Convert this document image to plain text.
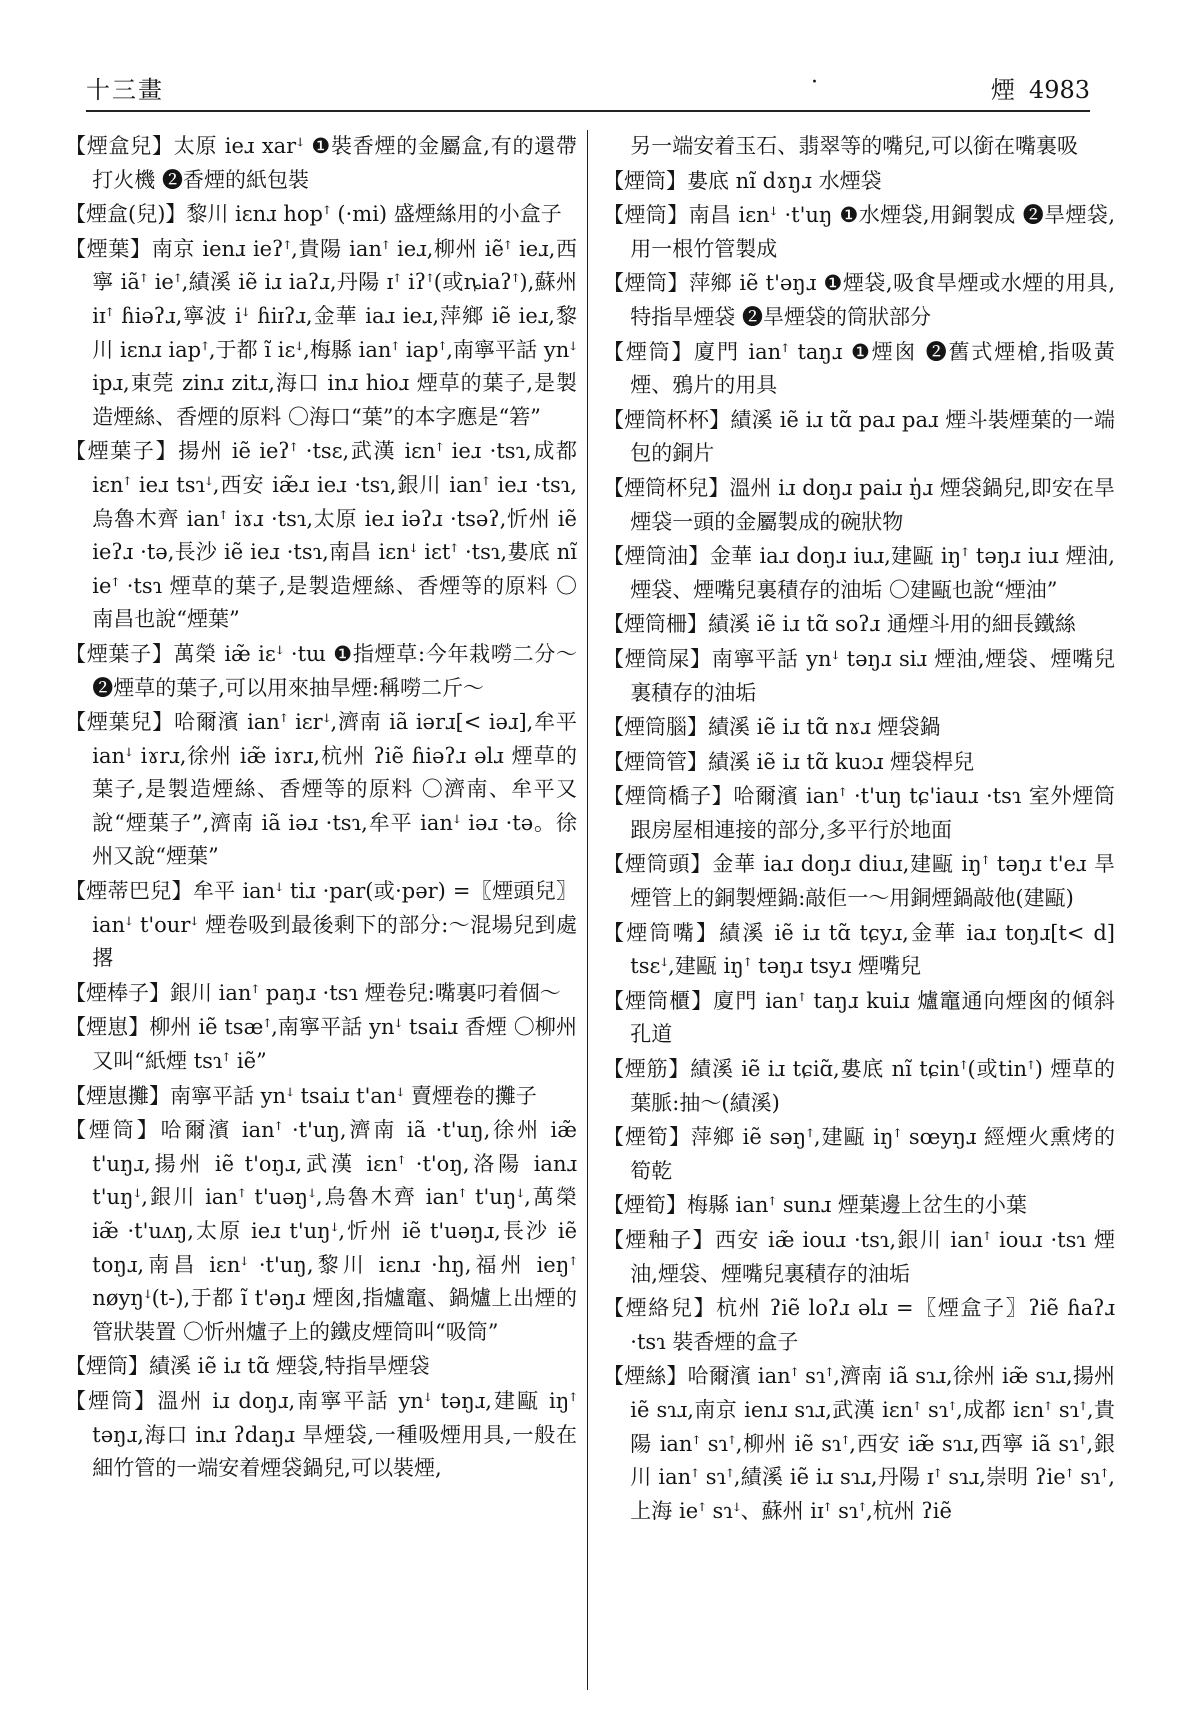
十三畫	·	煙 4983

【煙盒兒】太原 ieɹ xarꜜ ❶裝香煙的金屬盒,有的還帶打火機 ❷香煙的紙包裝

【煙盒(兒)】黎川 iɛnɹ hopꜛ (·mi) 盛煙絲用的小盒子

【煙葉】南京 ienɹ ieʔꜛ,貴陽 ianꜛ ieɹ,柳州 iẽꜛ ieɹ,西寧 iãꜛ ieꜛ,績溪 iẽ iɹ iaʔɹ,丹陽 ɪꜛ iʔꜛ(或ȵiaʔꜛ),蘇州 iɪꜛ ɦiəʔɹ,寧波 iꜜ ɦiɪʔɹ,金華 iaɹ ieɹ,萍鄉 iẽ ieɹ,黎川 iɛnɹ iapꜛ,于都 ĩ iɛꜜ,梅縣 ianꜛ iapꜛ,南寧平話 ynꜜ ipɹ,東莞 zinɹ zitɹ,海口 inɹ hioɹ 煙草的葉子,是製造煙絲、香煙的原料 〇海口“葉”的本字應是“箬”

【煙葉子】揚州 iẽ ieʔꜛ ·tsɛ,武漢 iɛnꜛ ieɹ ·tsɿ,成都 iɛnꜛ ieɹ tsɿꜜ,西安 iæ̃ɹ ieɹ ·tsɿ,銀川 ianꜛ ieɹ ·tsɿ,烏魯木齊 ianꜛ iɤɹ ·tsɿ,太原 ieɹ iəʔɹ ·tsəʔ,忻州 iẽ ieʔɹ ·tə,長沙 iẽ ieɹ ·tsɿ,南昌 iɛnꜜ iɛtꜛ ·tsɿ,婁底 nĩ ieꜛ ·tsɿ 煙草的葉子,是製造煙絲、香煙等的原料 〇南昌也說“煙葉”

【煙葉子】萬榮 iæ̃ iɛꜜ ·tɯ ❶指煙草:今年栽嘮二分～ ❷煙草的葉子,可以用來抽旱煙:稱嘮二斤～

【煙葉兒】哈爾濱 ianꜛ iɛrꜜ,濟南 iã iərɹ[< iəɹ],牟平 ianꜜ iɤrɹ,徐州 iæ̃ iɤrɹ,杭州 ʔiẽ ɦiəʔɹ əlɹ 煙草的葉子,是製造煙絲、香煙等的原料 〇濟南、牟平又說“煙葉子”,濟南 iã iəɹ ·tsɿ,牟平 ianꜜ iəɹ ·tə。徐州又說“煙葉”

【煙蒂巴兒】牟平 ianꜜ tiɹ ·par(或·pər) =〖煙頭兒〗ianꜜ t'ourꜜ 煙卷吸到最後剩下的部分:～混場兒到處撂

【煙棒子】銀川 ianꜛ paŋɹ ·tsɿ 煙卷兒:嘴裏叼着個～

【煙崽】柳州 iẽ tsæꜛ,南寧平話 ynꜜ tsaiɹ 香煙 〇柳州又叫“紙煙 tsɿꜛ iẽ”

【煙崽攤】南寧平話 ynꜜ tsaiɹ t'anꜜ 賣煙卷的攤子

【煙筒】哈爾濱 ianꜛ ·t'uŋ,濟南 iã ·t'uŋ,徐州 iæ̃ t'uŋɹ,揚州 iẽ t'oŋɹ,武漢 iɛnꜛ ·t'oŋ,洛陽 ianɹ t'uŋꜜ,銀川 ianꜛ t'uəŋꜜ,烏魯木齊 ianꜛ t'uŋꜜ,萬榮 iæ̃ ·t'uʌŋ,太原 ieɹ t'uŋꜜ,忻州 iẽ t'uəŋɹ,長沙 iẽ toŋɹ,南昌 iɛnꜜ ·t'uŋ,黎川 iɛnɹ ·hŋ,福州 ieŋꜛ nøyŋꜜ(t-),于都 ĩ t'əŋɹ 煙囪,指爐竈、鍋爐上出煙的管狀裝置 〇忻州爐子上的鐵皮煙筒叫“吸筒”

【煙筒】績溪 iẽ iɹ tɑ̃ 煙袋,特指旱煙袋

【煙筒】溫州 iɹ doŋɹ,南寧平話 ynꜜ təŋɹ,建甌 iŋꜛ təŋɹ,海口 inɹ ʔdaŋɹ 旱煙袋,一種吸煙用具,一般在細竹管的一端安着煙袋鍋兒,可以裝煙,

另一端安着玉石、翡翠等的嘴兒,可以銜在嘴裏吸

【煙筒】婁底 nĩ dɤŋɹ 水煙袋

【煙筒】南昌 iɛnꜜ ·t'uŋ ❶水煙袋,用銅製成 ❷旱煙袋,用一根竹管製成

【煙筒】萍鄉 iẽ t'əŋɹ ❶煙袋,吸食旱煙或水煙的用具,特指旱煙袋 ❷旱煙袋的筒狀部分

【煙筒】廈門 ianꜛ taŋɹ ❶煙囪 ❷舊式煙槍,指吸黃煙、鴉片的用具

【煙筒杯杯】績溪 iẽ iɹ tɑ̃ paɹ paɹ 煙斗裝煙葉的一端包的銅片

【煙筒杯兒】溫州 iɹ doŋɹ paiɹ ŋ̍ɹ 煙袋鍋兒,即安在旱煙袋一頭的金屬製成的碗狀物

【煙筒油】金華 iaɹ doŋɹ iuɹ,建甌 iŋꜛ təŋɹ iuɹ 煙油,煙袋、煙嘴兒裏積存的油垢 〇建甌也說“煙油”

【煙筒柵】績溪 iẽ iɹ tɑ̃ soʔɹ 通煙斗用的細長鐵絲

【煙筒屎】南寧平話 ynꜜ təŋɹ siɹ 煙油,煙袋、煙嘴兒裏積存的油垢

【煙筒腦】績溪 iẽ iɹ tɑ̃ nɤɹ 煙袋鍋

【煙筒管】績溪 iẽ iɹ tɑ̃ kuɔɹ 煙袋桿兒

【煙筒橋子】哈爾濱 ianꜛ ·t'uŋ tɕ'iauɹ ·tsɿ 室外煙筒跟房屋相連接的部分,多平行於地面

【煙筒頭】金華 iaɹ doŋɹ diuɹ,建甌 iŋꜛ təŋɹ t'eɹ 旱煙管上的銅製煙鍋:敲佢一～用銅煙鍋敲他(建甌)

【煙筒嘴】績溪 iẽ iɹ tɑ̃ tɕyɹ,金華 iaɹ toŋɹ[t< d] tsɛꜜ,建甌 iŋꜛ təŋɹ tsyɹ 煙嘴兒

【煙筒櫃】廈門 ianꜛ taŋɹ kuiɹ 爐竈通向煙囪的傾斜孔道

【煙筋】績溪 iẽ iɹ tɕiɑ̃,婁底 nĩ tɕinꜛ(或tinꜛ) 煙草的葉脈:抽～(績溪)

【煙筍】萍鄉 iẽ səŋꜛ,建甌 iŋꜛ sœyŋɹ 經煙火熏烤的筍乾

【煙筍】梅縣 ianꜛ sunɹ 煙葉邊上岔生的小葉

【煙釉子】西安 iæ̃ iouɹ ·tsɿ,銀川 ianꜛ iouɹ ·tsɿ 煙油,煙袋、煙嘴兒裏積存的油垢

【煙絡兒】杭州 ʔiẽ loʔɹ əlɹ =〖煙盒子〗ʔiẽ ɦaʔɹ ·tsɿ 裝香煙的盒子

【煙絲】哈爾濱 ianꜛ sɿꜛ,濟南 iã sɿɹ,徐州 iæ̃ sɿɹ,揚州 iẽ sɿɹ,南京 ienɹ sɿɹ,武漢 iɛnꜛ sɿꜛ,成都 iɛnꜛ sɿꜛ,貴陽 ianꜛ sɿꜛ,柳州 iẽ sɿꜛ,西安 iæ̃ sɿɹ,西寧 iã sɿꜛ,銀川 ianꜛ sɿꜛ,績溪 iẽ iɹ sɿɹ,丹陽 ɪꜛ sɿɹ,崇明 ʔieꜛ sɿꜛ,上海 ieꜛ sɿꜜ、蘇州 iɪꜛ sɿꜛ,杭州 ʔiẽ
